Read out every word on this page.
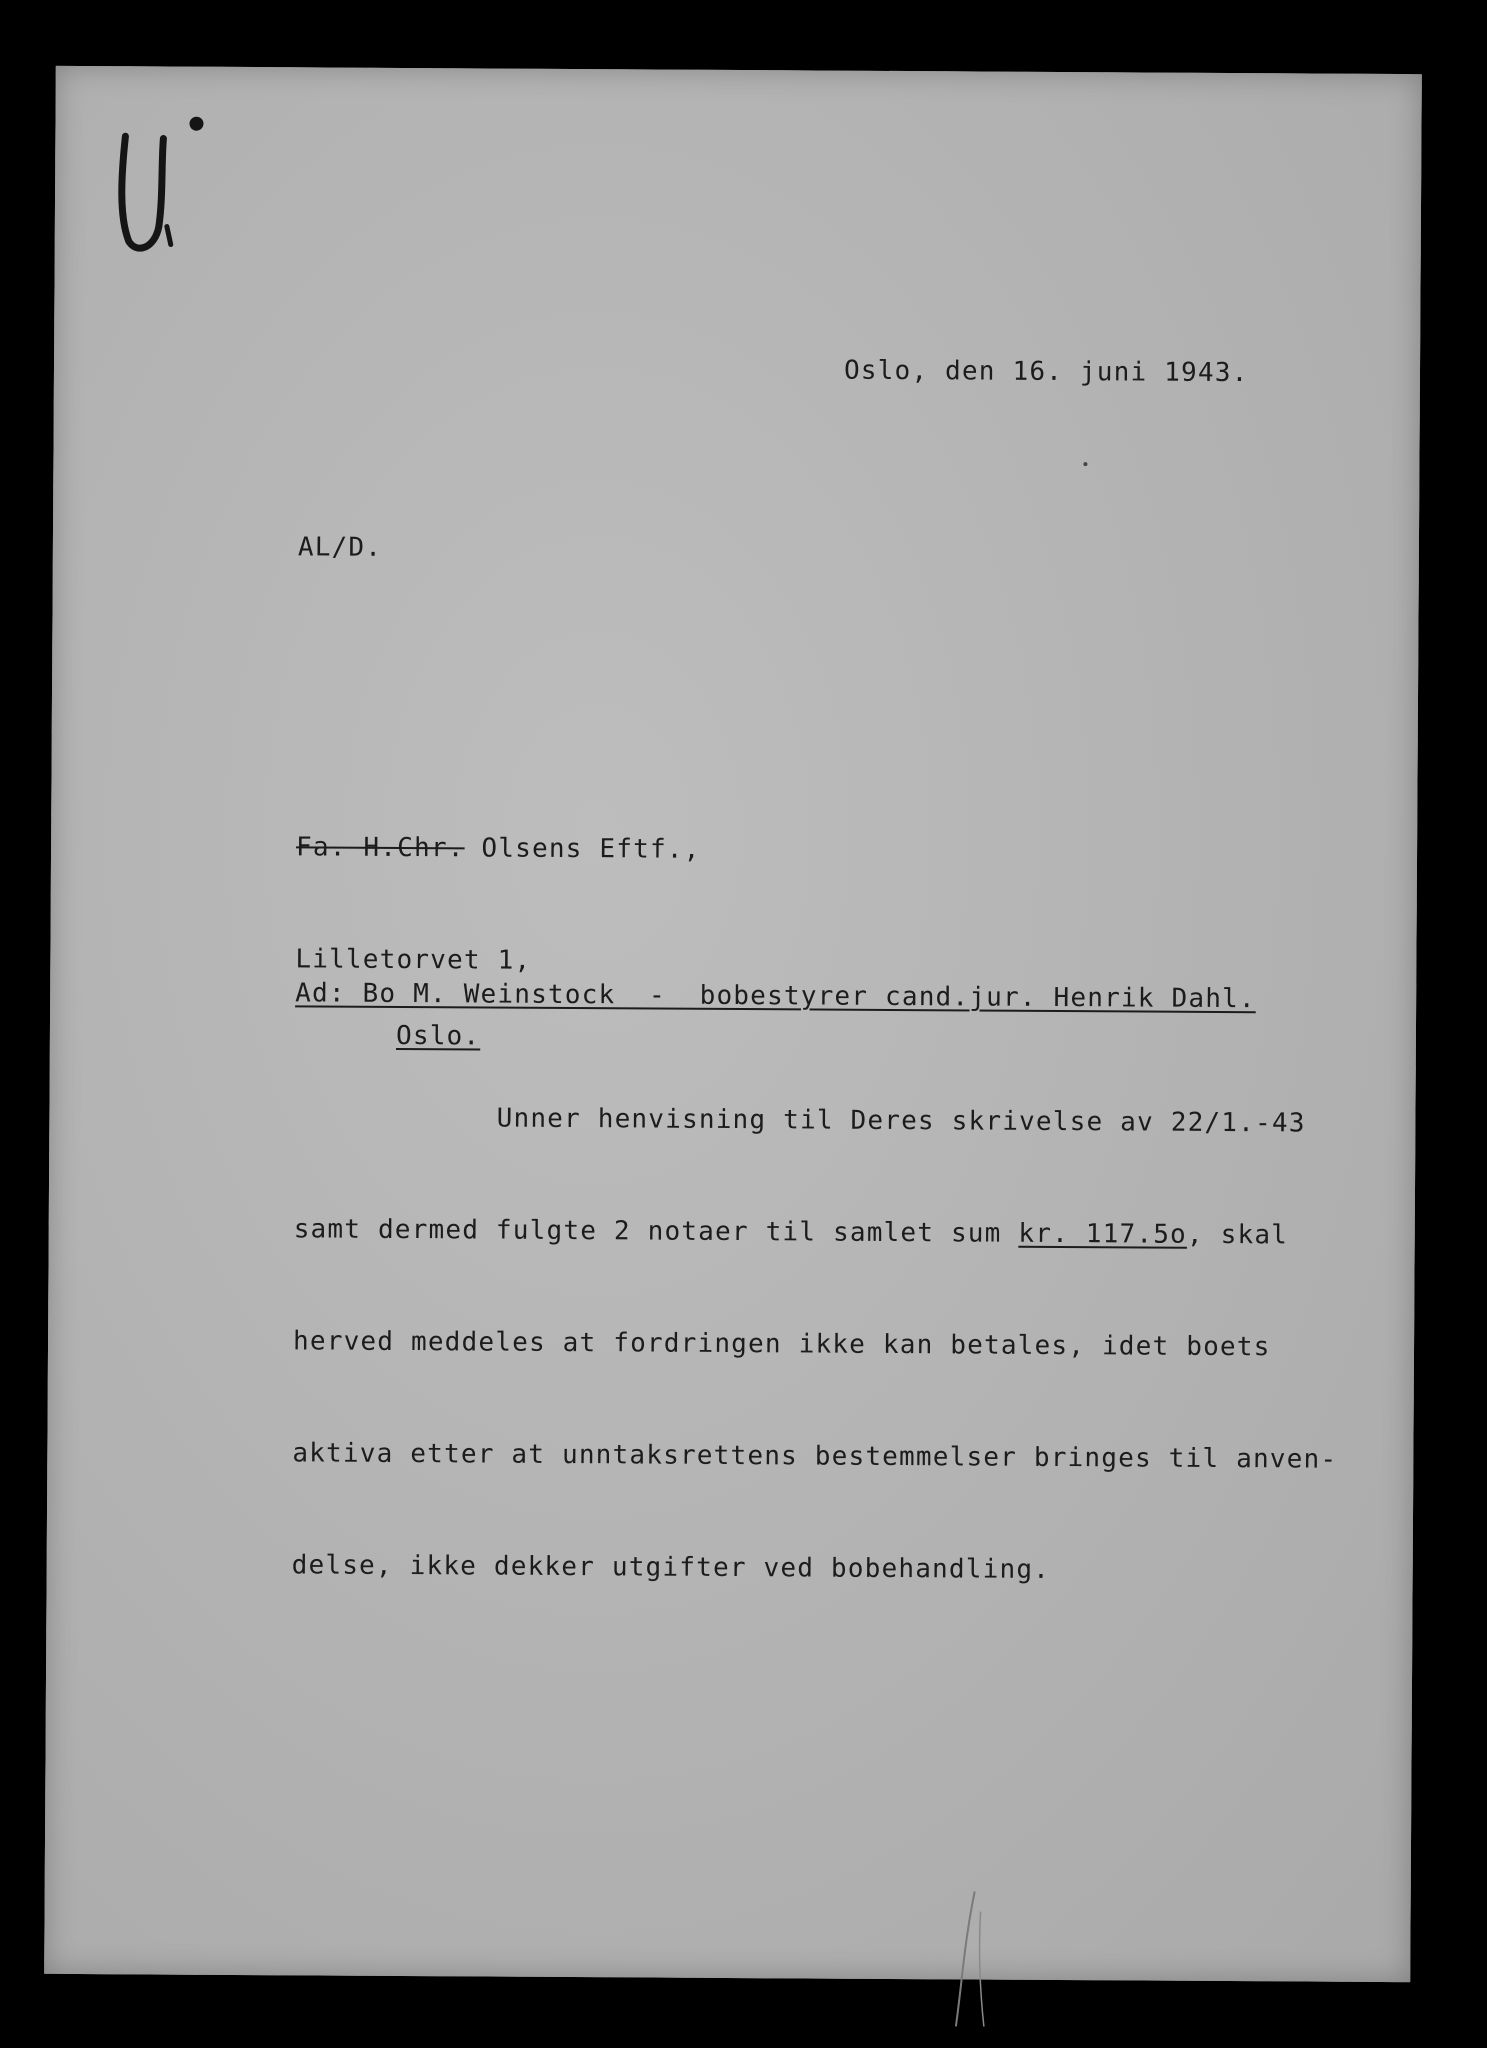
Oslo, den 16. juni 1943.
AL/D.

Fa. H.Chr. Olsens Eftf.,

Lilletorvet 1,

Oslo.

Ad: Bo M. Weinstock  -  bobestyrer cand.jur. Henrik Dahl.

Unner henvisning til Deres skrivelse av 22/1.-43

samt dermed fulgte 2 notaer til samlet sum kr. 117.5o, skal

herved meddeles at fordringen ikke kan betales, idet boets

aktiva etter at unntaksrettens bestemmelser bringes til anven-

delse, ikke dekker utgifter ved bobehandling.
